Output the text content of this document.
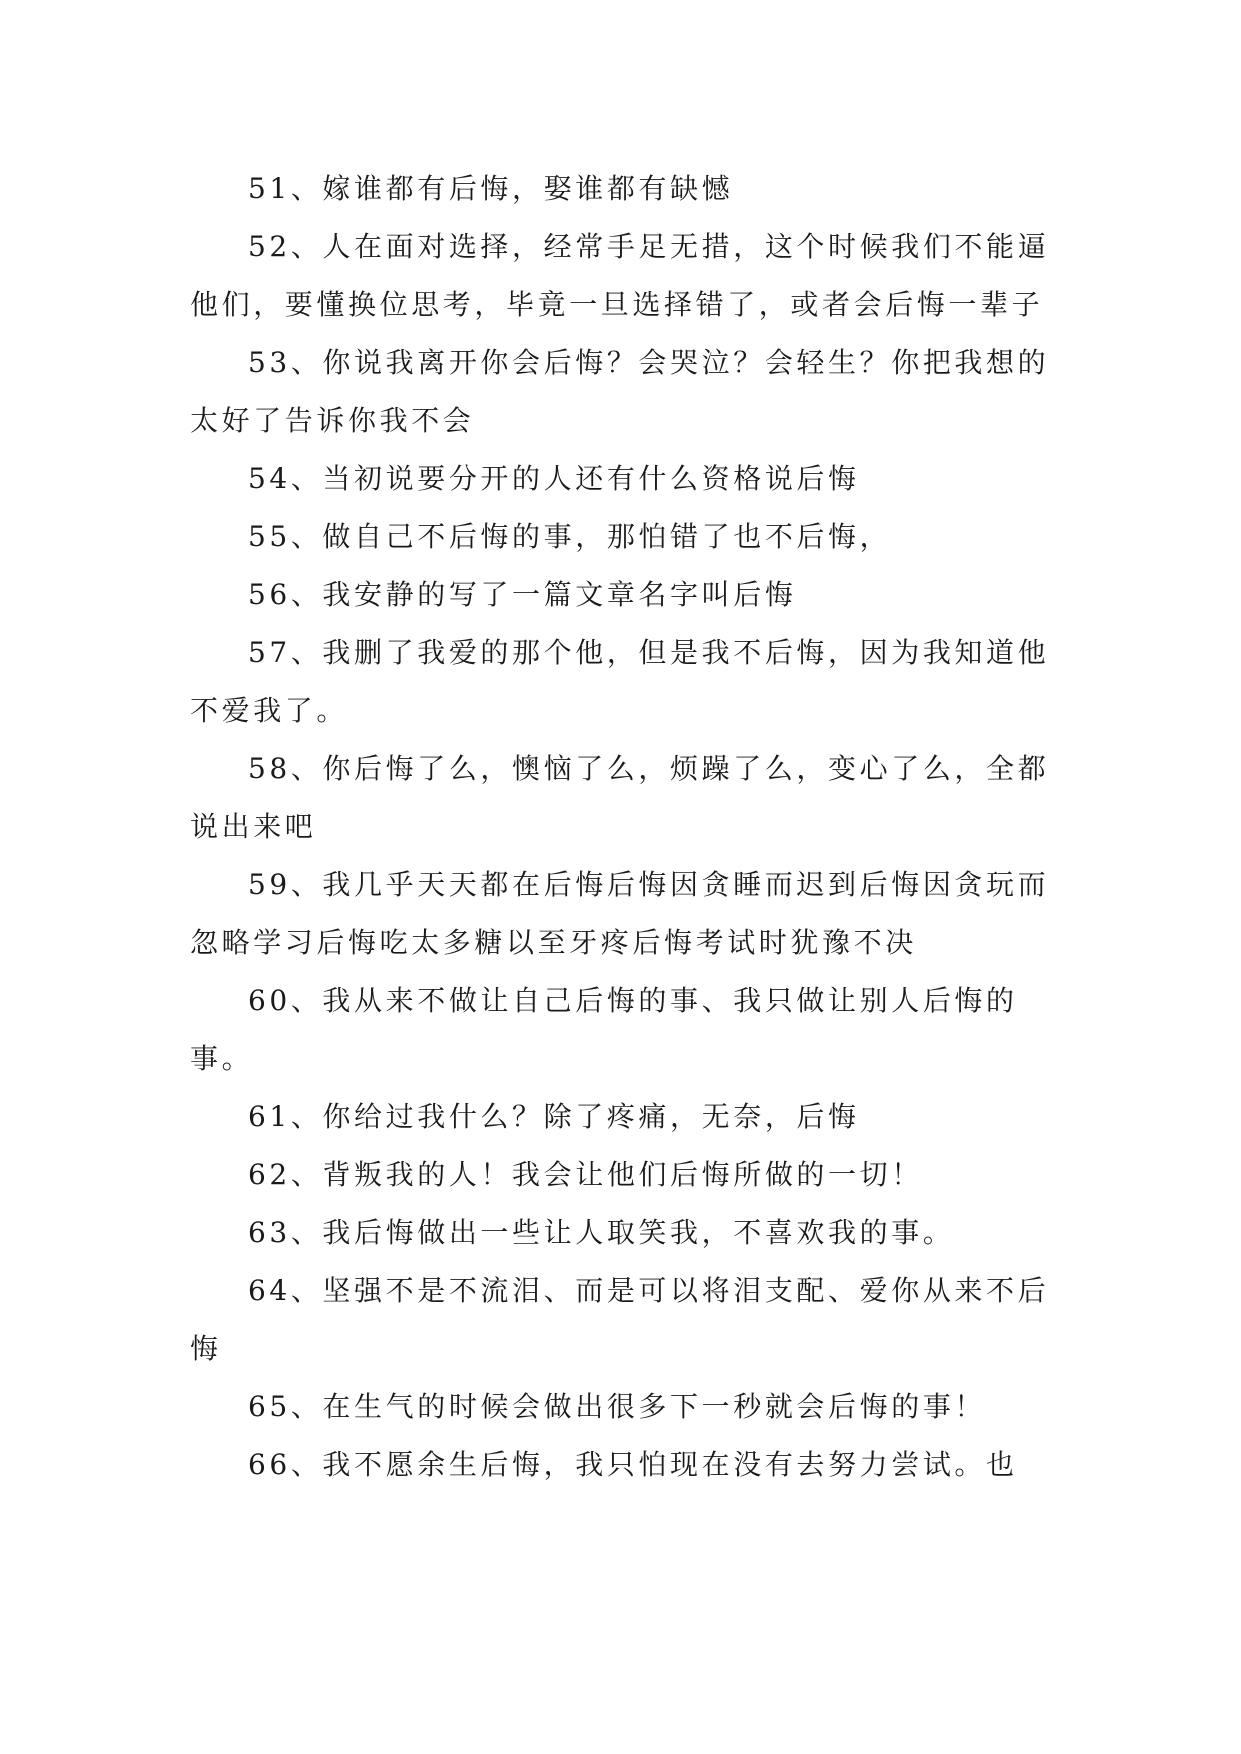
51、嫁谁都有后悔，娶谁都有缺憾

52、人在面对选择，经常手足无措，这个时候我们不能逼他们，要懂换位思考，毕竟一旦选择错了，或者会后悔一辈子

53、你说我离开你会后悔？会哭泣？会轻生？你把我想的太好了告诉你我不会

54、当初说要分开的人还有什么资格说后悔

55、做自己不后悔的事，那怕错了也不后悔，

56、我安静的写了一篇文章名字叫后悔

57、我删了我爱的那个他，但是我不后悔，因为我知道他不爱我了。

58、你后悔了么，懊恼了么，烦躁了么，变心了么，全都说出来吧

59、我几乎天天都在后悔后悔因贪睡而迟到后悔因贪玩而忽略学习后悔吃太多糖以至牙疼后悔考试时犹豫不决

60、我从来不做让自己后悔的事、我只做让别人后悔的事。

61、你给过我什么？除了疼痛，无奈，后悔

62、背叛我的人！我会让他们后悔所做的一切！

63、我后悔做出一些让人取笑我，不喜欢我的事。

64、坚强不是不流泪、而是可以将泪支配、爱你从来不后悔

65、在生气的时候会做出很多下一秒就会后悔的事！

66、我不愿余生后悔，我只怕现在没有去努力尝试。也
